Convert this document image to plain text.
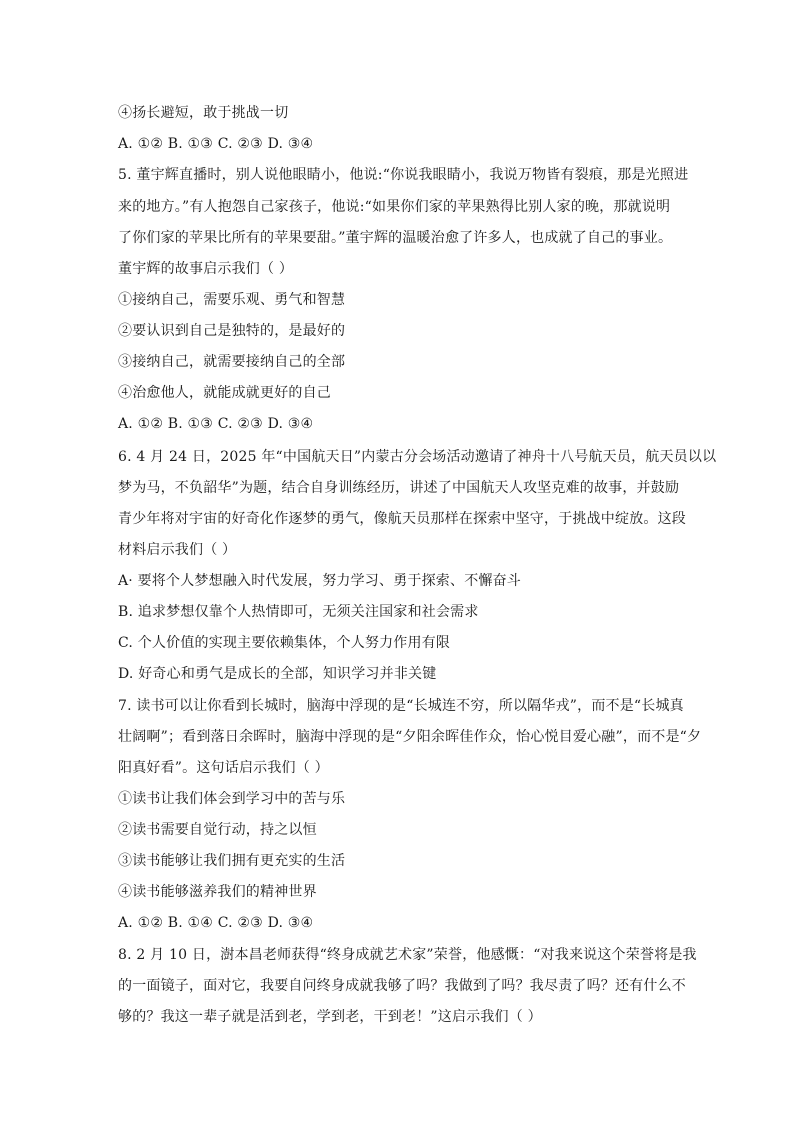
④扬长避短，敢于挑战一切
A. ①② B. ①③ C. ②③ D. ③④
5. 董宇辉直播时，别人说他眼睛小，他说:“你说我眼睛小，我说万物皆有裂痕，那是光照进
来的地方。”有人抱怨自己家孩子，他说:“如果你们家的苹果熟得比别人家的晚，那就说明
了你们家的苹果比所有的苹果要甜。”董宇辉的温暖治愈了许多人，也成就了自己的事业。
董宇辉的故事启示我们（ ）
①接纳自己，需要乐观、勇气和智慧
②要认识到自己是独特的，是最好的
③接纳自己，就需要接纳自己的全部
④治愈他人，就能成就更好的自己
A. ①② B. ①③ C. ②③ D. ③④
6. 4 月 24 日，2025 年“中国航天日”内蒙古分会场活动邀请了神舟十八号航天员，航天员以以
梦为马，不负韶华”为题，结合自身训练经历，讲述了中国航天人攻坚克难的故事，并鼓励
青少年将对宇宙的好奇化作逐梦的勇气，像航天员那样在探索中坚守，于挑战中绽放。这段
材料启示我们（ ）
A· 要将个人梦想融入时代发展，努力学习、勇于探索、不懈奋斗
B. 追求梦想仅靠个人热情即可，无须关注国家和社会需求
C. 个人价值的实现主要依赖集体，个人努力作用有限
D. 好奇心和勇气是成长的全部，知识学习并非关键
7. 读书可以让你看到长城时，脑海中浮现的是“长城连不穷，所以隔华戎”，而不是“长城真
壮阔啊”；看到落日余晖时，脑海中浮现的是“夕阳余晖佳作众，怡心悦目爱心融”，而不是“夕
阳真好看”。这句话启示我们（ ）
①读书让我们体会到学习中的苦与乐
②读书需要自觉行动，持之以恒
③读书能够让我们拥有更充实的生活
④读书能够滋养我们的精神世界
A. ①② B. ①④ C. ②③ D. ③④
8. 2 月 10 日，澍本昌老师获得“终身成就艺术家”荣誉，他感慨：“对我来说这个荣誉将是我
的一面镜子，面对它，我要自问终身成就我够了吗？我做到了吗？我尽责了吗？还有什么不
够的？我这一辈子就是活到老，学到老，干到老！”这启示我们（ ）
